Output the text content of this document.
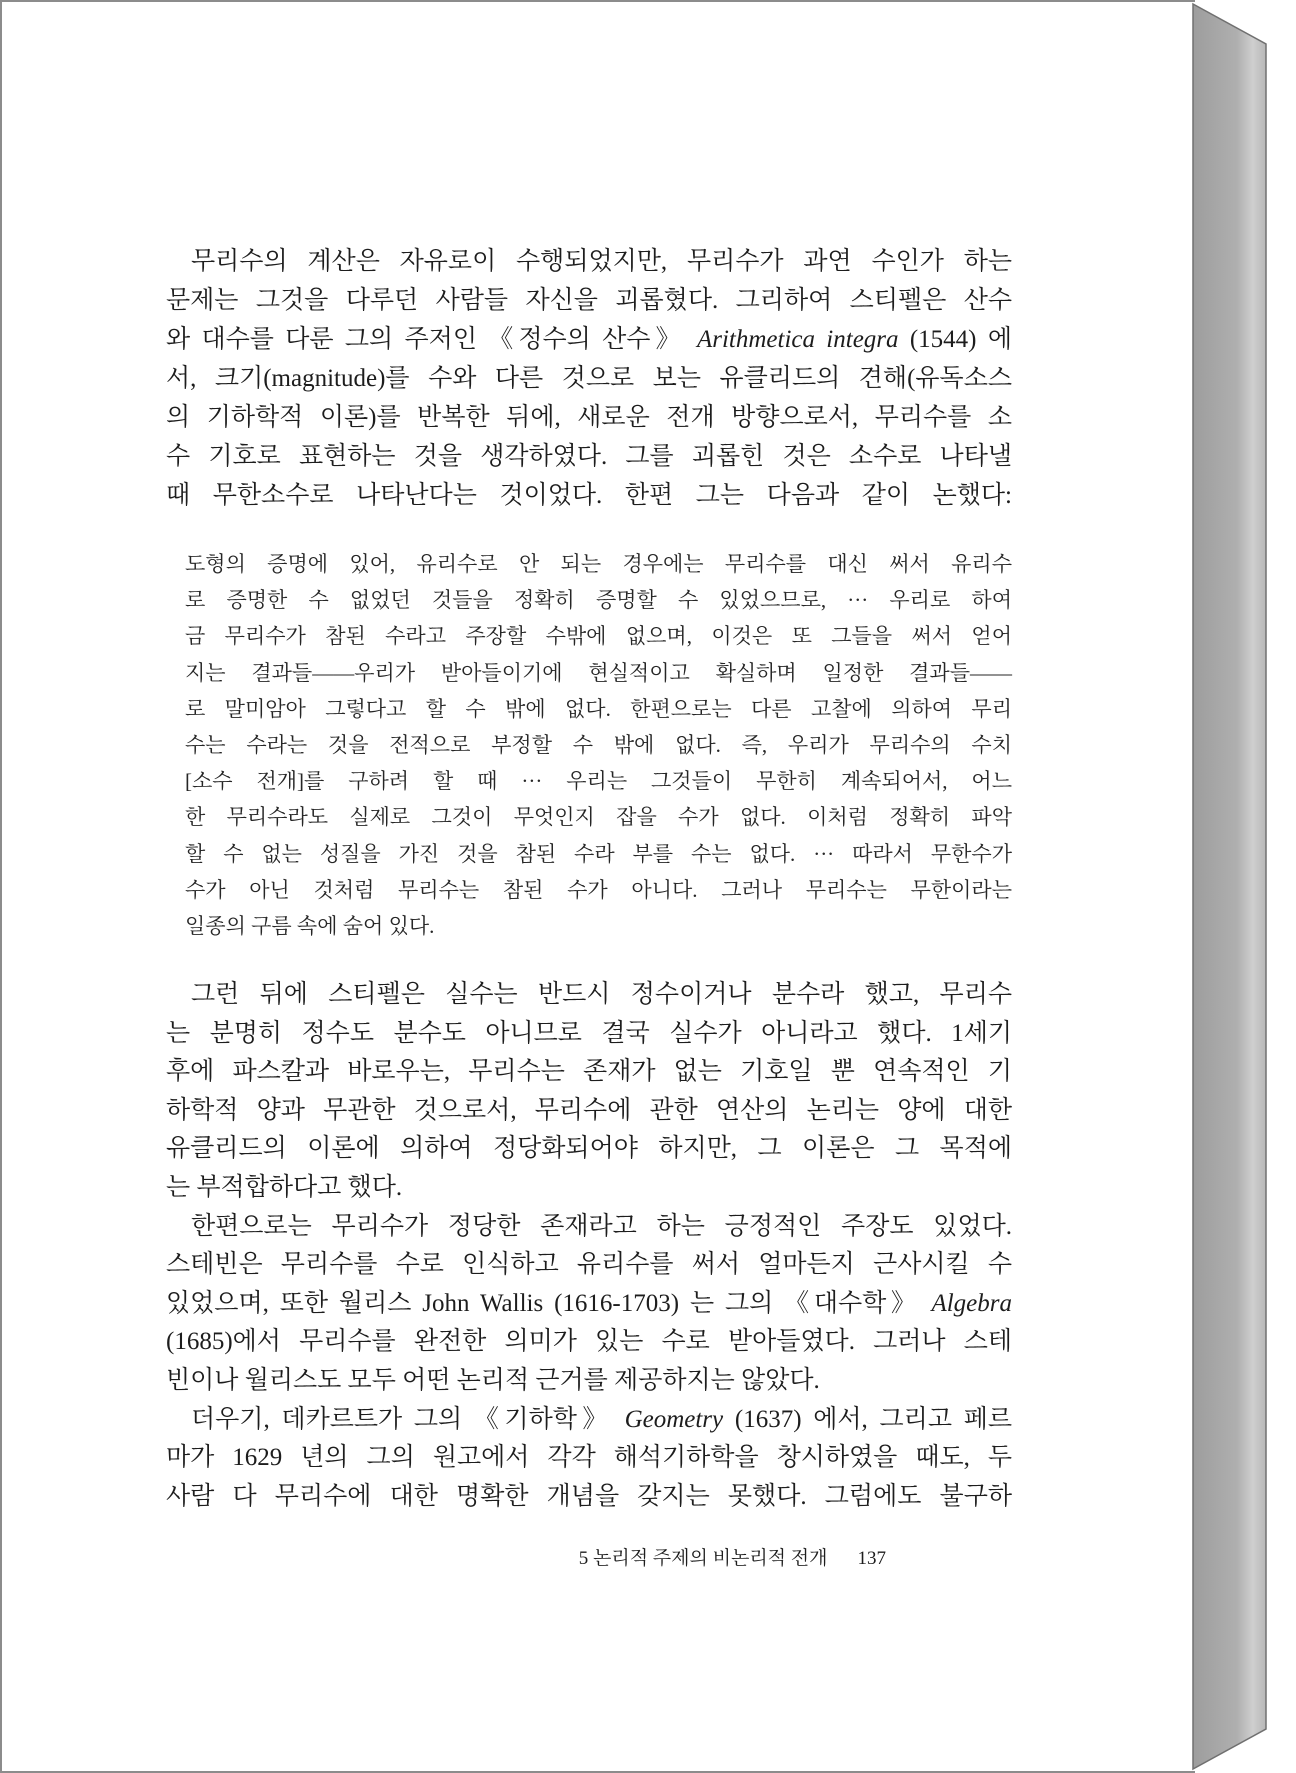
무리수의 계산은 자유로이 수행되었지만, 무리수가 과연 수인가 하는
문제는 그것을 다루던 사람들 자신을 괴롭혔다. 그리하여 스티펠은 산수
와 대수를 다룬 그의 주저인 《정수의 산수》 Arithmetica integra (1544) 에
서, 크기(magnitude)를 수와 다른 것으로 보는 유클리드의 견해(유독소스
의 기하학적 이론)를 반복한 뒤에, 새로운 전개 방향으로서, 무리수를 소
수 기호로 표현하는 것을 생각하였다. 그를 괴롭힌 것은 소수로 나타낼
때 무한소수로 나타난다는 것이었다. 한편 그는 다음과 같이 논했다:
도형의 증명에 있어, 유리수로 안 되는 경우에는 무리수를 대신 써서 유리수
로 증명한 수 없었던 것들을 정확히 증명할 수 있었으므로, ··· 우리로 하여
금 무리수가 참된 수라고 주장할 수밖에 없으며, 이것은 또 그들을 써서 얻어
지는 결과들——우리가 받아들이기에 현실적이고 확실하며 일정한 결과들——
로 말미암아 그렇다고 할 수 밖에 없다. 한편으로는 다른 고찰에 의하여 무리
수는 수라는 것을 전적으로 부정할 수 밖에 없다. 즉, 우리가 무리수의 수치
[소수 전개]를 구하려 할 때 ··· 우리는 그것들이 무한히 계속되어서, 어느
한 무리수라도 실제로 그것이 무엇인지 잡을 수가 없다. 이처럼 정확히 파악
할 수 없는 성질을 가진 것을 참된 수라 부를 수는 없다. ··· 따라서 무한수가
수가 아닌 것처럼 무리수는 참된 수가 아니다. 그러나 무리수는 무한이라는
일종의 구름 속에 숨어 있다.
그런 뒤에 스티펠은 실수는 반드시 정수이거나 분수라 했고, 무리수
는 분명히 정수도 분수도 아니므로 결국 실수가 아니라고 했다. 1세기
후에 파스칼과 바로우는, 무리수는 존재가 없는 기호일 뿐 연속적인 기
하학적 양과 무관한 것으로서, 무리수에 관한 연산의 논리는 양에 대한
유클리드의 이론에 의하여 정당화되어야 하지만, 그 이론은 그 목적에
는 부적합하다고 했다.
한편으로는 무리수가 정당한 존재라고 하는 긍정적인 주장도 있었다.
스테빈은 무리수를 수로 인식하고 유리수를 써서 얼마든지 근사시킬 수
있었으며, 또한 월리스 John Wallis (1616-1703) 는 그의 《대수학》 Algebra
(1685)에서 무리수를 완전한 의미가 있는 수로 받아들였다. 그러나 스테
빈이나 월리스도 모두 어떤 논리적 근거를 제공하지는 않았다.
더우기, 데카르트가 그의 《기하학》 Geometry (1637) 에서, 그리고 페르
마가 1629 년의 그의 원고에서 각각 해석기하학을 창시하였을 때도, 두
사람 다 무리수에 대한 명확한 개념을 갖지는 못했다. 그럼에도 불구하
5 논리적 주제의 비논리적 전개 137
